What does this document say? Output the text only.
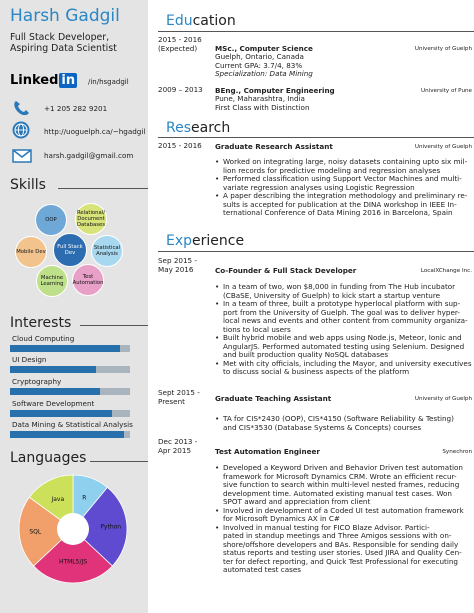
Harsh Gadgil
Full Stack Developer,
Aspiring Data Scientist
Linked in /in/hsgadgil
+1 205 282 9201
http://uoguelph.ca/~hgadgil
harsh.gadgil@gmail.com
Skills
Relational/ Document Databases
Statistical Analysis
Test Automation
Machine Learning
Mobile Dev
OOP
Full Stack Dev
Interests
Cloud Computing
UI Design
Cryptography
Software Development
Data Mining & Statistical Analysis
Languages
R
Python
HTML5/JS
SQL
Java
Education
2015 - 2016
(Expected)	MSc., Computer Science	University of Guelph
Guelph, Ontario, Canada
Current GPA: 3.7/4, 83%
Specialization: Data Mining
2009 – 2013 BEng., Computer Engineering	University of Pune
Pune, Maharashtra, India
First Class with Distinction
Research
2015 - 2016 Graduate Research Assistant	University of Guelph
• Worked on integrating large, noisy datasets containing upto six mil-
lion records for predictive modeling and regression analyses
• Performed classification using Support Vector Machines and multi-
variate regression analyses using Logistic Regression
• A paper describing the integration methodology and preliminary re-
sults is accepted for publication at the DINA workshop in IEEE In-
ternational Conference of Data Mining 2016 in Barcelona, Spain
Experience
Sep 2015 -
May 2016	Co-Founder & Full Stack Developer	LocalXChange Inc.
• In a team of two, won $8,000 in funding from The Hub incubator
(CBaSE, University of Guelph) to kick start a startup venture
• In a team of three, built a prototype hyperlocal platform with sup-
port from the University of Guelph. The goal was to deliver hyper-
local news and events and other content from community organiza-
tions to local users
• Built hybrid mobile and web apps using Node.js, Meteor, Ionic and
AngularJS. Performed automated testing using Selenium. Designed
and built production quality NoSQL databases
• Met with city officials, including the Mayor, and university executives
to discuss social & business aspects of the platform
Sept 2015 -
Present	Graduate Teaching Assistant	University of Guelph
• TA for CIS*2430 (OOP), CIS*4150 (Software Reliability & Testing)
and CIS*3530 (Database Systems & Concepts) courses
Dec 2013 -
Apr 2015	Test Automation Engineer	Synechron
• Developed a Keyword Driven and Behavior Driven test automation
framework for Microsoft Dynamics CRM. Wrote an efficient recur-
sive function to search within multi-level nested frames, reducing
development time. Automated existing manual test cases. Won
SPOT award and appreciation from client
• Involved in development of a Coded UI test automation framework
for Microsoft Dynamics AX in C#
• Involved in manual testing for FICO Blaze Advisor. Partici-
pated in standup meetings and Three Amigos sessions with on-
shore/offshore developers and BAs. Responsible for sending daily
status reports and testing user stories. Used JIRA and Quality Cen-
ter for defect reporting, and Quick Test Professional for executing
automated test cases
